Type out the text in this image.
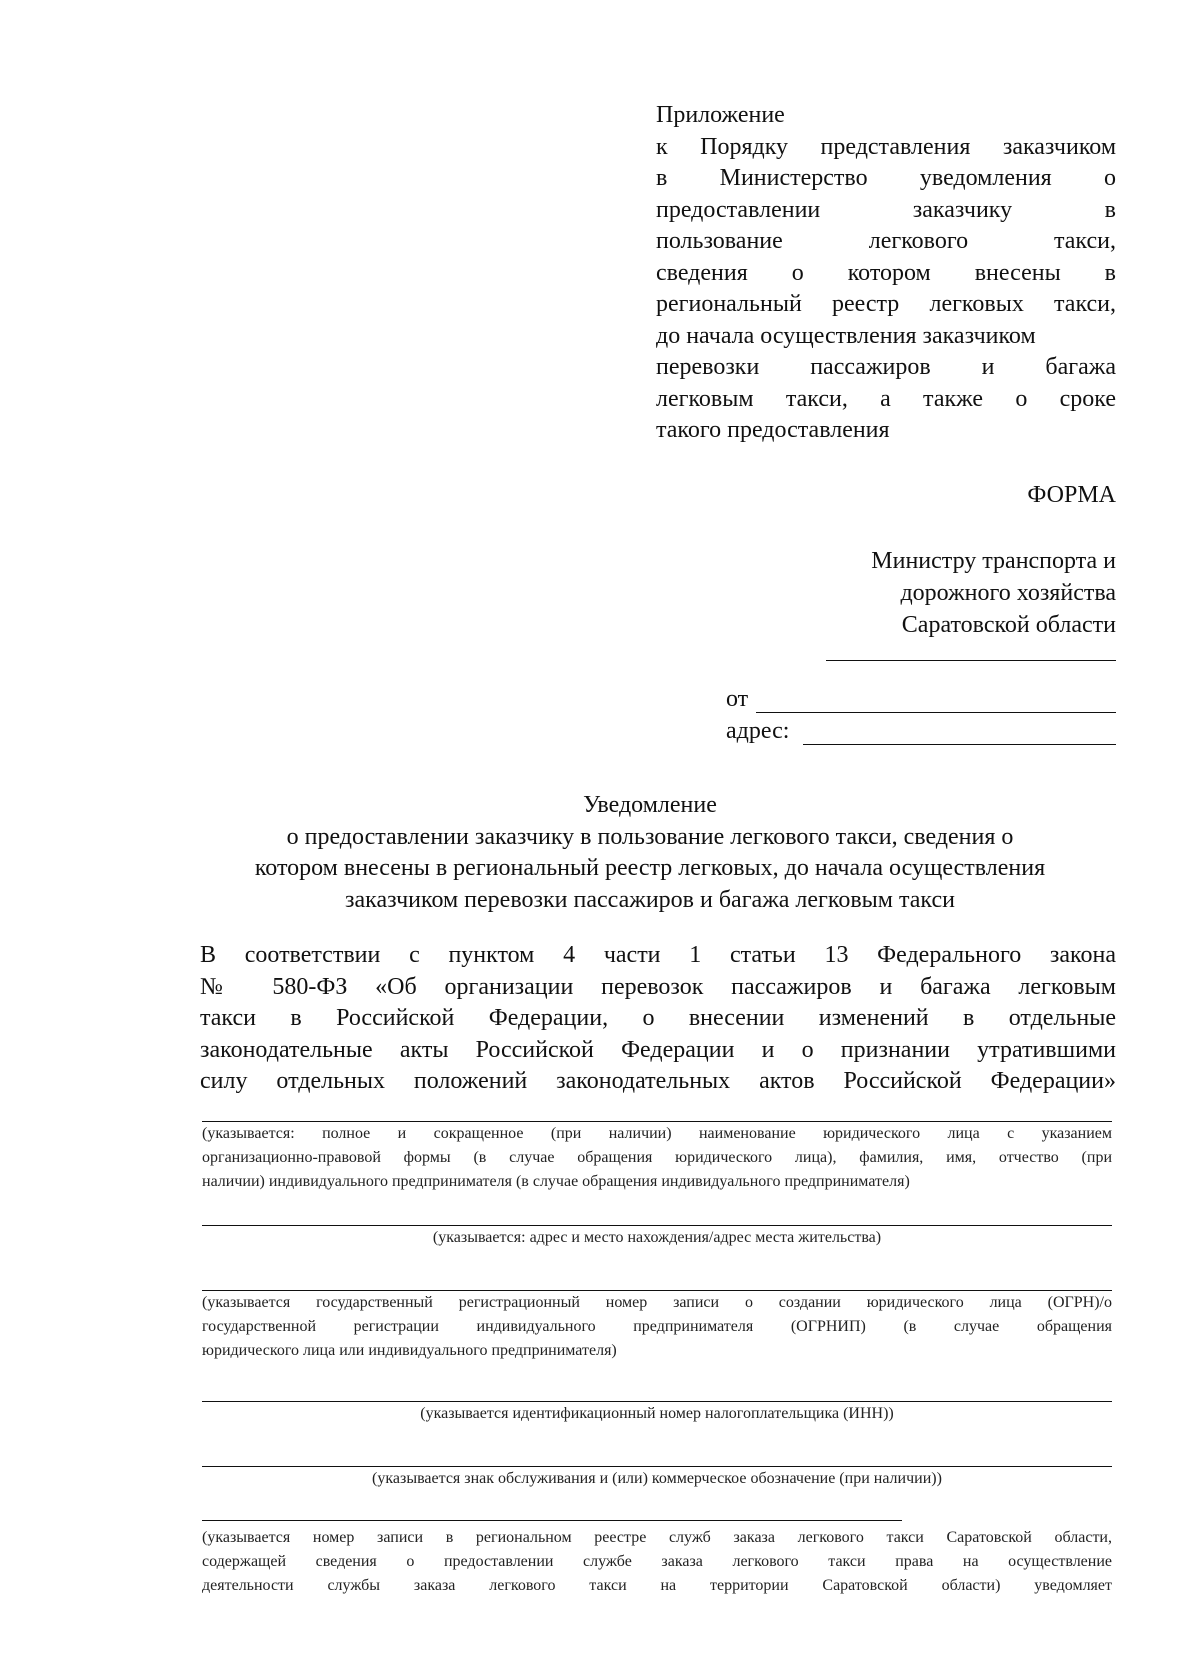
Приложение
к Порядку представления заказчиком
в Министерство уведомления о
предоставлении заказчику в
пользование легкового такси,
сведения о котором внесены в
региональный реестр легковых такси,
до начала осуществления заказчиком
перевозки пассажиров и багажа
легковым такси, а также о сроке
такого предоставления
ФОРМА
Министру транспорта и
дорожного хозяйства
Саратовской области
от
адрес:
Уведомление
о предоставлении заказчику в пользование легкового такси, сведения о
котором внесены в региональный реестр легковых, до начала осуществления
заказчиком перевозки пассажиров и багажа легковым такси
В соответствии с пунктом 4 части 1 статьи 13 Федерального закона
№ 580-ФЗ «Об организации перевозок пассажиров и багажа легковым
такси в Российской Федерации, о внесении изменений в отдельные
законодательные акты Российской Федерации и о признании утратившими
силу отдельных положений законодательных актов Российской Федерации»
(указывается: полное и сокращенное (при наличии) наименование юридического лица с указанием
организационно-правовой формы (в случае обращения юридического лица), фамилия, имя, отчество (при
наличии) индивидуального предпринимателя (в случае обращения индивидуального предпринимателя)
(указывается: адрес и место нахождения/адрес места жительства)
(указывается государственный регистрационный номер записи о создании юридического лица (ОГРН)/о
государственной регистрации индивидуального предпринимателя (ОГРНИП) (в случае обращения
юридического лица или индивидуального предпринимателя)
(указывается идентификационный номер налогоплательщика (ИНН))
(указывается знак обслуживания и (или) коммерческое обозначение (при наличии))
(указывается номер записи в региональном реестре служб заказа легкового такси Саратовской области,
содержащей сведения о предоставлении службе заказа легкового такси права на осуществление
деятельности службы заказа легкового такси на территории Саратовской области) уведомляет
